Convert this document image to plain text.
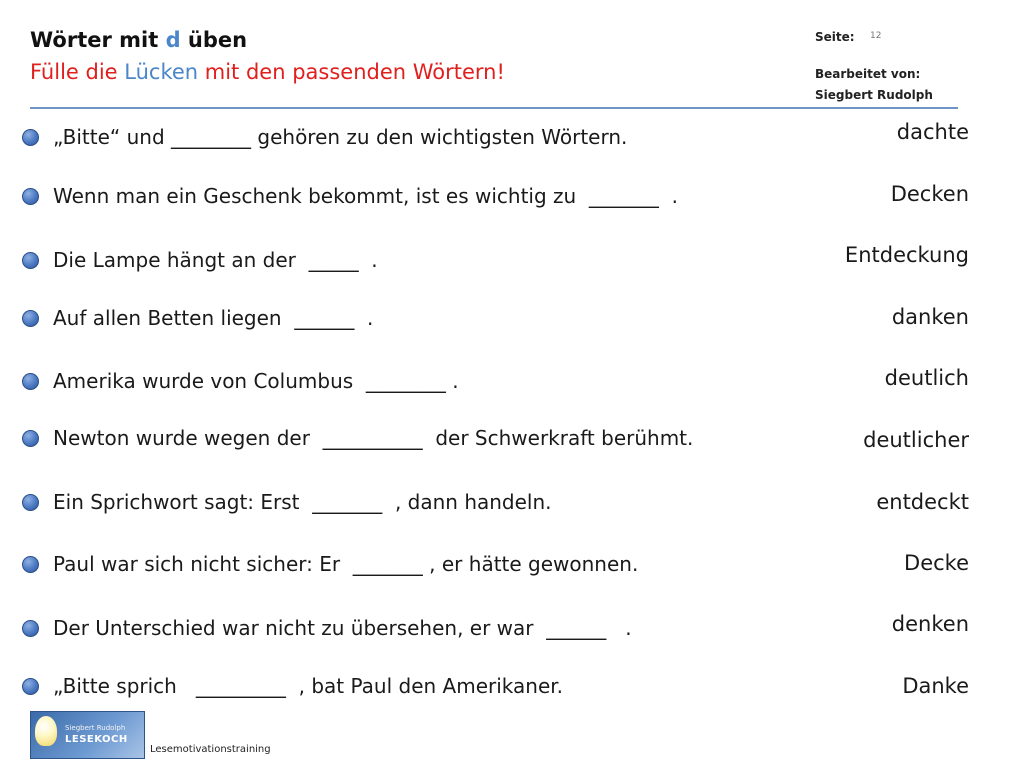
Wörter mit d üben
Fülle die Lücken mit den passenden Wörtern!
Seite: 12
Bearbeitet von:
Siegbert Rudolph
„Bitte“ und ________ gehören zu den wichtigsten Wörtern.
Wenn man ein Geschenk bekommt, ist es wichtig zu  _______  .
Die Lampe hängt an der  _____  .
Auf allen Betten liegen  ______  .
Amerika wurde von Columbus  ________ .
Newton wurde wegen der  __________  der Schwerkraft berühmt.
Ein Sprichwort sagt: Erst  _______  , dann handeln.
Paul war sich nicht sicher: Er  _______ , er hätte gewonnen.
Der Unterschied war nicht zu übersehen, er war  ______   .
„Bitte sprich   _________  , bat Paul den Amerikaner.
dachte
Decken
Entdeckung
danken
deutlich
deutlicher
entdeckt
Decke
denken
Danke
Siegbert Rudolph
LESEKOCH
Lesemotivationstraining
